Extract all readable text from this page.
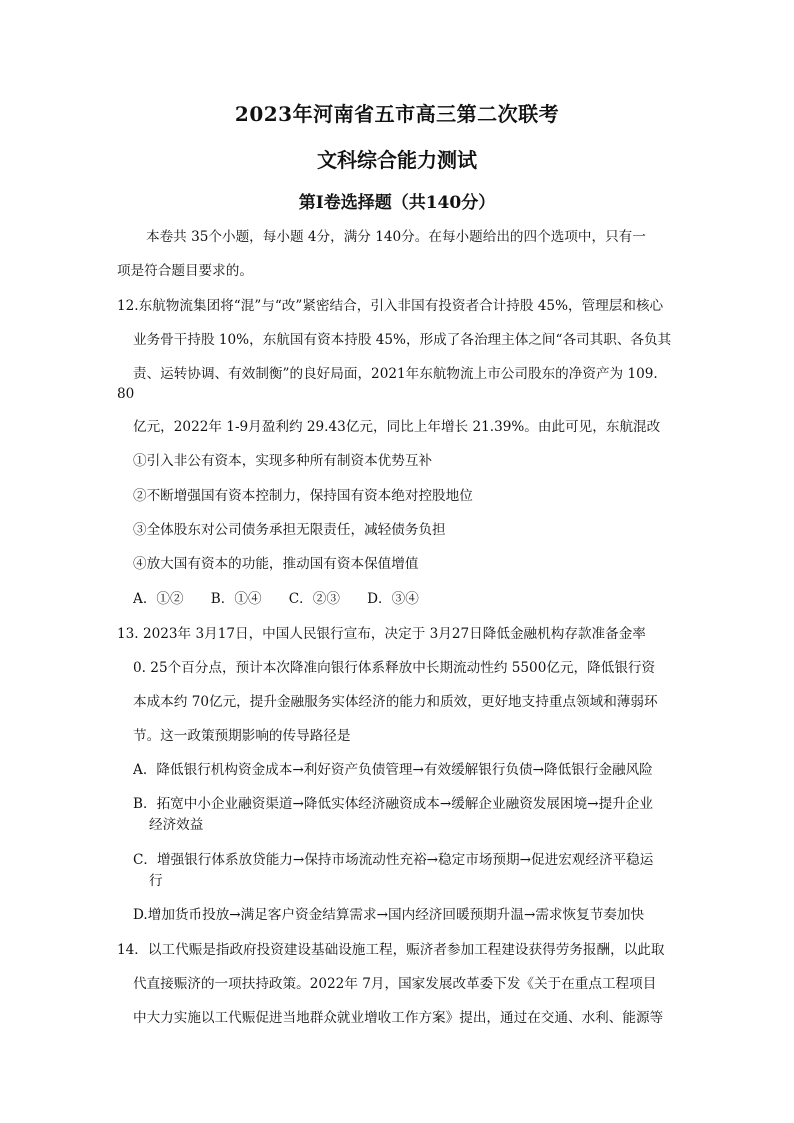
2023年河南省五市高三第二次联考
文科综合能力测试
第Ⅰ卷选择题（共140分）
本卷共 35个小题，每小题 4分，满分 140分。在每小题给出的四个选项中，只有一
项是符合题目要求的。
12.东航物流集团将“混”与“改”紧密结合，引入非国有投资者合计持股 45%，管理层和核心
业务骨干持股 10%，东航国有资本持股 45%，形成了各治理主体之间“各司其职、各负其
责、运转协调、有效制衡”的良好局面，2021年东航物流上市公司股东的净资产为 109.
80
亿元，2022年 1-9月盈利约 29.43亿元，同比上年增长 21.39%。由此可见，东航混改
①引入非公有资本，实现多种所有制资本优势互补
②不断增强国有资本控制力，保持国有资本绝对控股地位
③全体股东对公司债务承担无限责任，减轻债务负担
④放大国有资本的功能，推动国有资本保值增值
A．①②　　B．①④　　C．②③　　D．③④
13. 2023年 3月17日，中国人民银行宣布，决定于 3月27日降低金融机构存款准备金率
0. 25个百分点，预计本次降准向银行体系释放中长期流动性约 5500亿元，降低银行资
本成本约 70亿元，提升金融服务实体经济的能力和质效，更好地支持重点领域和薄弱环
节。这一政策预期影响的传导路径是
A．降低银行机构资金成本→利好资产负债管理→有效缓解银行负债→降低银行金融风险
B．拓宽中小企业融资渠道→降低实体经济融资成本→缓解企业融资发展困境→提升企业
经济效益
C．增强银行体系放贷能力→保持市场流动性充裕→稳定市场预期→促进宏观经济平稳运
行
D.增加货币投放→满足客户资金结算需求→国内经济回暖预期升温→需求恢复节奏加快
14．以工代赈是指政府投资建设基础设施工程，赈济者参加工程建设获得劳务报酬，以此取
代直接赈济的一项扶持政策。2022年 7月，国家发展改革委下发《关于在重点工程项目
中大力实施以工代赈促进当地群众就业增收工作方案》提出，通过在交通、水利、能源等
